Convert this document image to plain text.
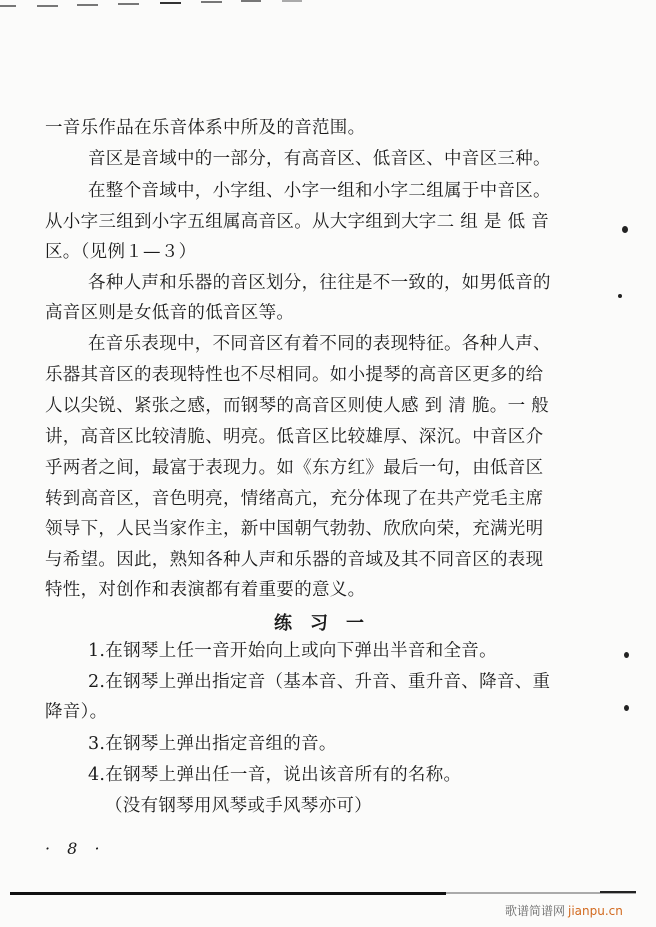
一音乐作品在乐音体系中所及的音范围。
音区是音域中的一部分，有高音区、低音区、中音区三种。
在整个音域中，小字组、小字一组和小字二组属于中音区。
从小字三组到小字五组属高音区。从大字组到大字二 组 是 低 音
区。（见例１—３）
各种人声和乐器的音区划分，往往是不一致的，如男低音的
高音区则是女低音的低音区等。
在音乐表现中，不同音区有着不同的表现特征。各种人声、
乐器其音区的表现特性也不尽相同。如小提琴的高音区更多的给
人以尖锐、紧张之感，而钢琴的高音区则使人感 到 清 脆。一 般
讲，高音区比较清脆、明亮。低音区比较雄厚、深沉。中音区介
乎两者之间，最富于表现力。如《东方红》最后一句，由低音区
转到高音区，音色明亮，情绪高亢，充分体现了在共产党毛主席
领导下，人民当家作主，新中国朝气勃勃、欣欣向荣，充满光明
与希望。因此，熟知各种人声和乐器的音域及其不同音区的表现
特性，对创作和表演都有着重要的意义。
练习一
1.在钢琴上任一音开始向上或向下弹出半音和全音。
2.在钢琴上弹出指定音（基本音、升音、重升音、降音、重
降音）。
3.在钢琴上弹出指定音组的音。
4.在钢琴上弹出任一音，说出该音所有的名称。
（没有钢琴用风琴或手风琴亦可）
· 8 ·
歌谱简谱网 jianpu.cn
